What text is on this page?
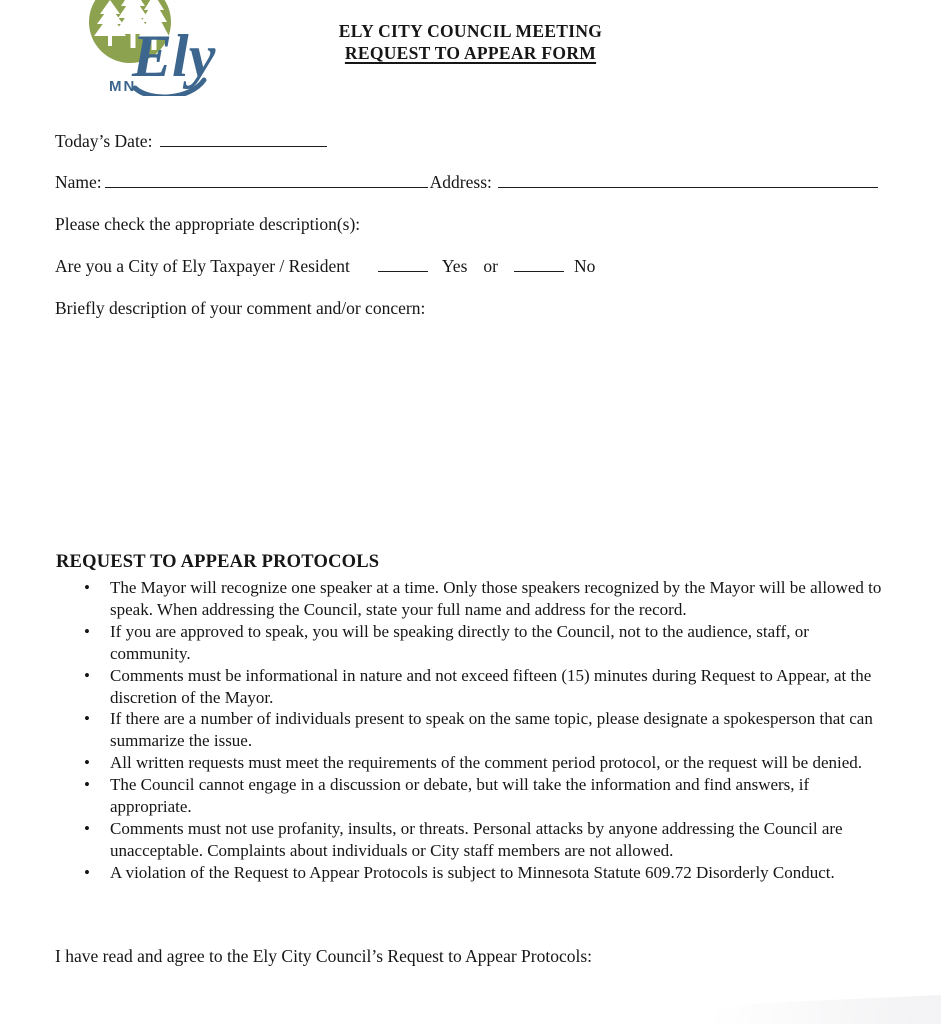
Ely
MN
ELY CITY COUNCIL MEETING
REQUEST TO APPEAR FORM
Today’s Date:
Name:	Address:
Please check the appropriate description(s):
Are you a City of Ely Taxpayer / Resident	Yes or	No
Briefly description of your comment and/or concern:
REQUEST TO APPEAR PROTOCOLS
• The Mayor will recognize one speaker at a time. Only those speakers recognized by the Mayor will be allowed to speak. When addressing the Council, state your full name and address for the record.
• If you are approved to speak, you will be speaking directly to the Council, not to the audience, staff, or community.
• Comments must be informational in nature and not exceed fifteen (15) minutes during Request to Appear, at the discretion of the Mayor.
• If there are a number of individuals present to speak on the same topic, please designate a spokesperson that can summarize the issue.
• All written requests must meet the requirements of the comment period protocol, or the request will be denied.
• The Council cannot engage in a discussion or debate, but will take the information and find answers, if appropriate.
• Comments must not use profanity, insults, or threats. Personal attacks by anyone addressing the Council are unacceptable. Complaints about individuals or City staff members are not allowed.
• A violation of the Request to Appear Protocols is subject to Minnesota Statute 609.72 Disorderly Conduct.
I have read and agree to the Ely City Council’s Request to Appear Protocols:
